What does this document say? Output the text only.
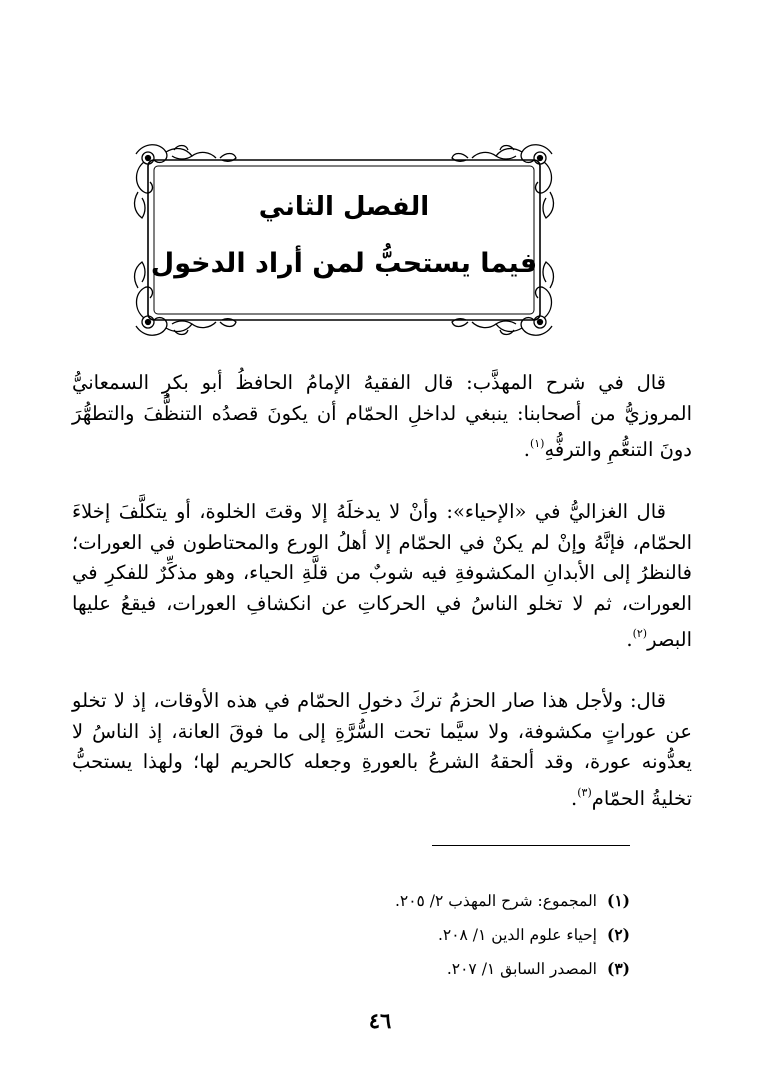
الفصل الثاني
فيما يستحبُّ لمن أراد الدخول

قال في شرح المهذَّب: قال الفقيهُ الإمامُ الحافظُ أبو بكرٍ السمعانيُّ المروزيُّ من أصحابنا: ينبغي لداخلِ الحمّام أن يكونَ قصدُه التنظُّفَ والتطهُّرَ دونَ التنعُّمِ والترفُّهِ$^{(١)}$.

قال الغزاليُّ في «الإحياء»: وأنْ لا يدخلَهُ إلا وقتَ الخلوة، أو يتكلَّفَ إخلاءَ الحمّام، فإنَّهُ وإنْ لم يكنْ في الحمّام إلا أهلُ الورع والمحتاطون في العورات؛ فالنظرُ إلى الأبدانِ المكشوفةِ فيه شوبٌ من قلَّةِ الحياء، وهو مذكِّرٌ للفكرِ في العورات، ثم لا تخلو الناسُ في الحركاتِ عن انكشافِ العورات، فيقعُ عليها البصر$^{(٢)}$.

قال: ولأجل هذا صار الحزمُ تركَ دخولِ الحمّام في هذه الأوقات، إذ لا تخلو عن عوراتٍ مكشوفة، ولا سيَّما تحت السُّرَّةِ إلى ما فوقَ العانة، إذ الناسُ لا يعدُّونه عورة، وقد ألحقهُ الشرعُ بالعورةِ وجعله كالحريم لها؛ ولهذا يستحبُّ تخليةُ الحمّام$^{(٣)}$.

(١)المجموع: شرح المهذب ٢/ ٢٠٥.
(٢)إحياء علوم الدين ١/ ٢٠٨.
(٣)المصدر السابق ١/ ٢٠٧.
٤٦
